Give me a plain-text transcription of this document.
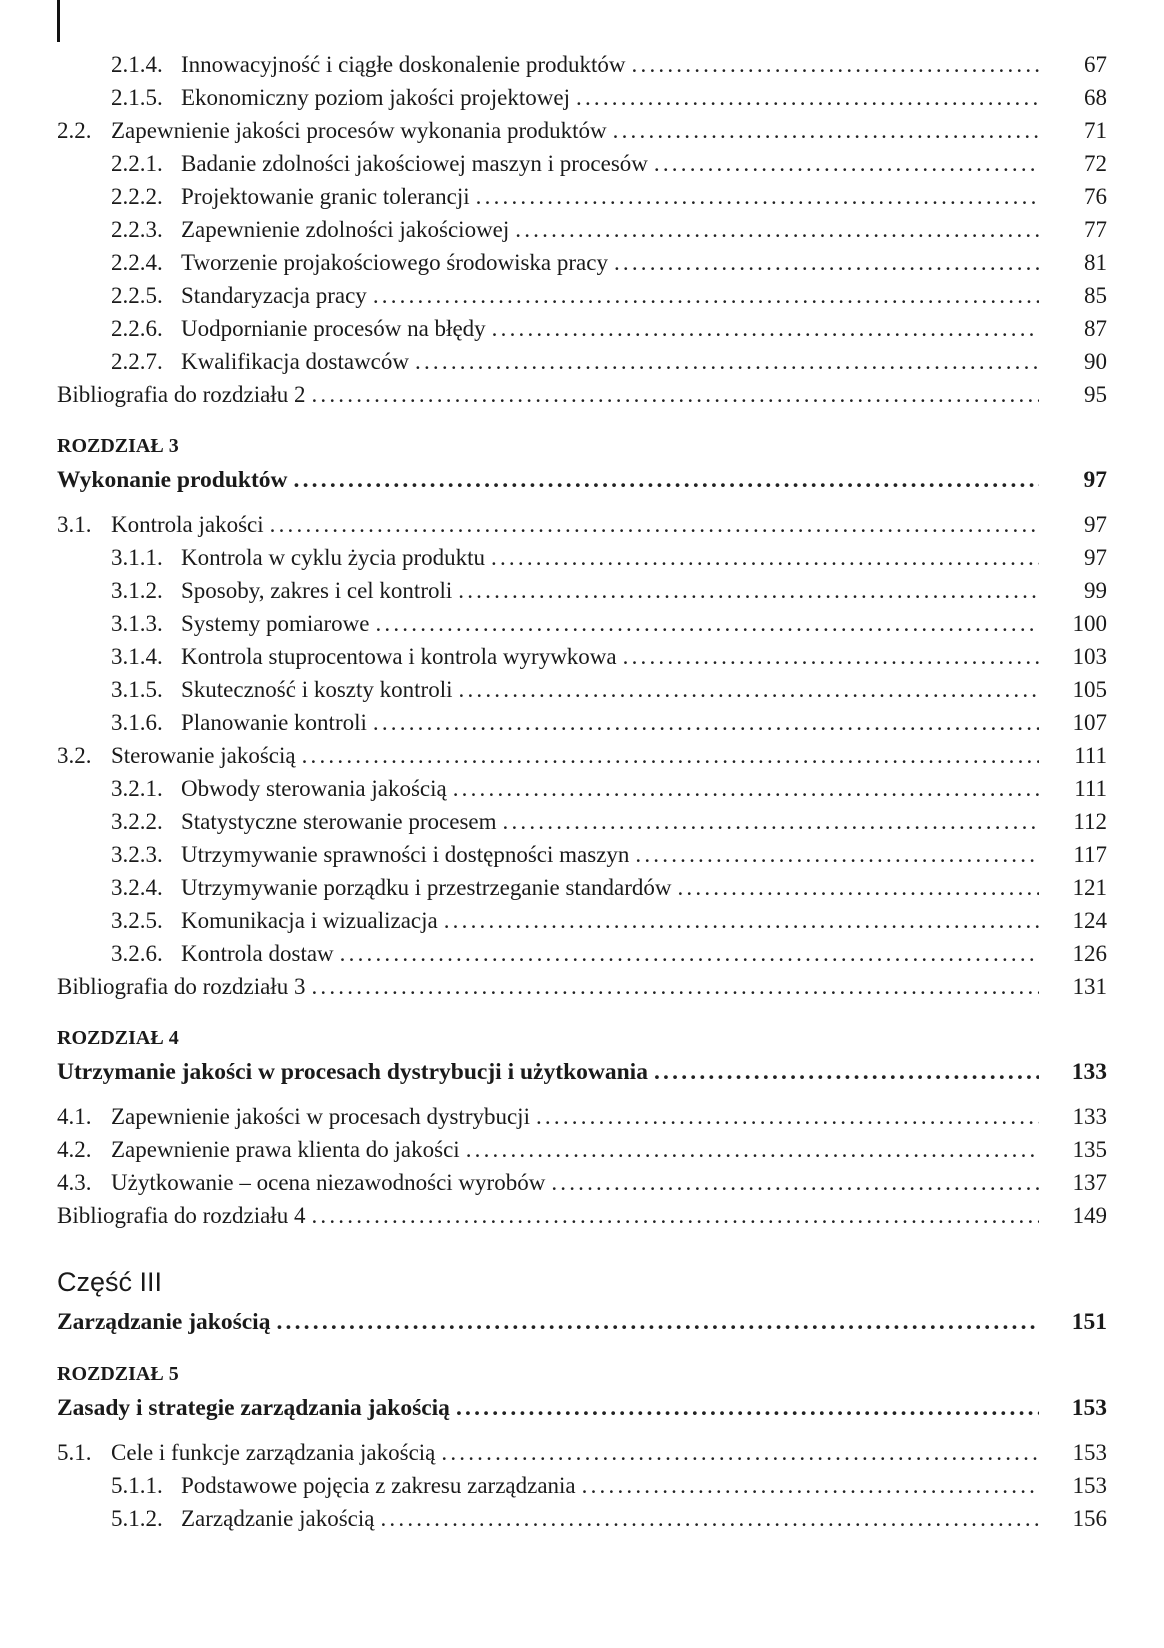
2.1.4. Innowacyjność i ciągłe doskonalenie produktów .....	67
2.1.5. Ekonomiczny poziom jakości projektowej .....	68
2.2. Zapewnienie jakości procesów wykonania produktów .....	71
2.2.1. Badanie zdolności jakościowej maszyn i procesów .....	72
2.2.2. Projektowanie granic tolerancji .....	76
2.2.3. Zapewnienie zdolności jakościowej .....	77
2.2.4. Tworzenie projakościowego środowiska pracy .....	81
2.2.5. Standaryzacja pracy .....	85
2.2.6. Uodpornianie procesów na błędy .....	87
2.2.7. Kwalifikacja dostawców .....	90
Bibliografia do rozdziału 2 .....	95
ROZDZIAŁ 3
Wykonanie produktów .....	97
3.1. Kontrola jakości .....	97
3.1.1. Kontrola w cyklu życia produktu .....	97
3.1.2. Sposoby, zakres i cel kontroli .....	99
3.1.3. Systemy pomiarowe .....	100
3.1.4. Kontrola stuprocentowa i kontrola wyrywkowa .....	103
3.1.5. Skuteczność i koszty kontroli .....	105
3.1.6. Planowanie kontroli .....	107
3.2. Sterowanie jakością .....	111
3.2.1. Obwody sterowania jakością .....	111
3.2.2. Statystyczne sterowanie procesem .....	112
3.2.3. Utrzymywanie sprawności i dostępności maszyn .....	117
3.2.4. Utrzymywanie porządku i przestrzeganie standardów .....	121
3.2.5. Komunikacja i wizualizacja .....	124
3.2.6. Kontrola dostaw .....	126
Bibliografia do rozdziału 3 .....	131
ROZDZIAŁ 4
Utrzymanie jakości w procesach dystrybucji i użytkowania .....	133
4.1. Zapewnienie jakości w procesach dystrybucji .....	133
4.2. Zapewnienie prawa klienta do jakości .....	135
4.3. Użytkowanie – ocena niezawodności wyrobów .....	137
Bibliografia do rozdziału 4 .....	149
Część III
Zarządzanie jakością .....	151
ROZDZIAŁ 5
Zasady i strategie zarządzania jakością .....	153
5.1. Cele i funkcje zarządzania jakością .....	153
5.1.1. Podstawowe pojęcia z zakresu zarządzania .....	153
5.1.2. Zarządzanie jakością .....	156
